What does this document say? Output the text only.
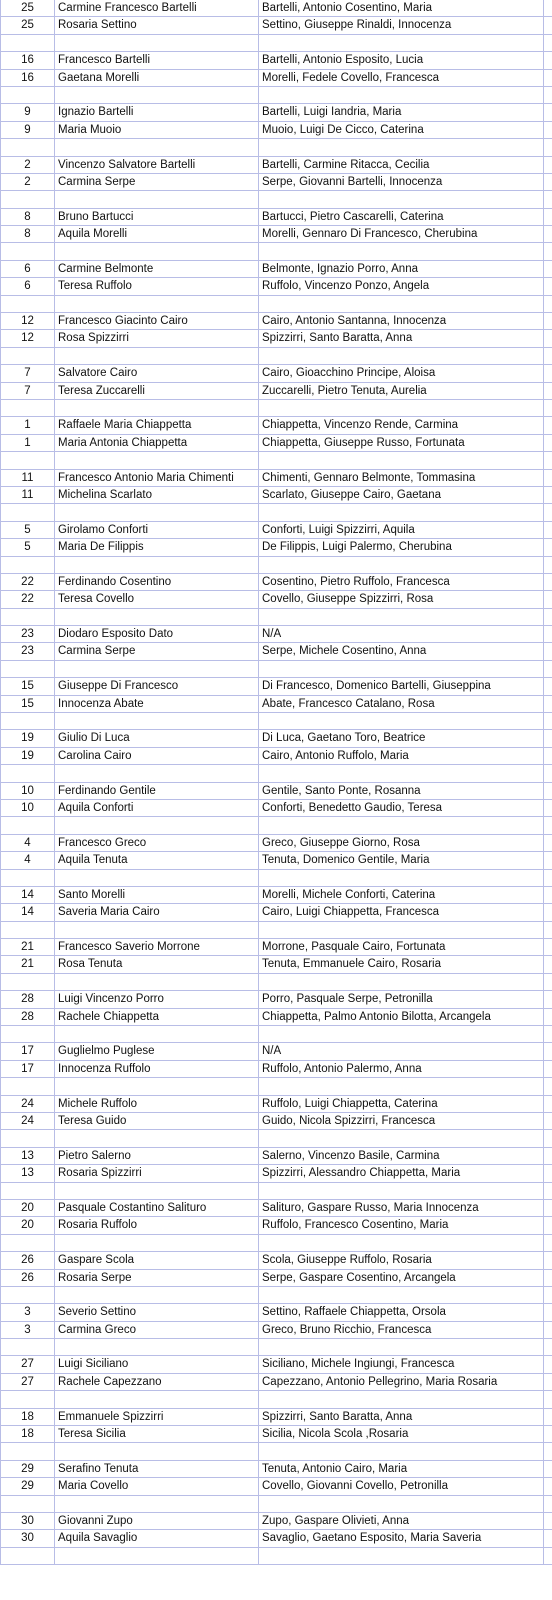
25	Carmine Francesco Bartelli	Bartelli, Antonio Cosentino, Maria
25	Rosaria Settino	Settino, Giuseppe Rinaldi, Innocenza
16	Francesco Bartelli	Bartelli, Antonio Esposito, Lucia
16	Gaetana Morelli	Morelli, Fedele Covello, Francesca
9	Ignazio Bartelli	Bartelli, Luigi Iandria, Maria
9	Maria Muoio	Muoio, Luigi De Cicco, Caterina
2	Vincenzo Salvatore Bartelli	Bartelli, Carmine Ritacca, Cecilia
2	Carmina Serpe	Serpe, Giovanni Bartelli, Innocenza
8	Bruno Bartucci	Bartucci, Pietro Cascarelli, Caterina
8	Aquila Morelli	Morelli, Gennaro Di Francesco, Cherubina
6	Carmine Belmonte	Belmonte, Ignazio Porro, Anna
6	Teresa Ruffolo	Ruffolo, Vincenzo Ponzo, Angela
12	Francesco Giacinto Cairo	Cairo, Antonio Santanna, Innocenza
12	Rosa Spizzirri	Spizzirri, Santo Baratta, Anna
7	Salvatore Cairo	Cairo, Gioacchino Principe, Aloisa
7	Teresa Zuccarelli	Zuccarelli, Pietro Tenuta, Aurelia
1	Raffaele Maria Chiappetta	Chiappetta, Vincenzo Rende, Carmina
1	Maria Antonia Chiappetta	Chiappetta, Giuseppe Russo, Fortunata
11	Francesco Antonio Maria Chimenti	Chimenti, Gennaro Belmonte, Tommasina
11	Michelina Scarlato	Scarlato, Giuseppe Cairo, Gaetana
5	Girolamo Conforti	Conforti, Luigi Spizzirri, Aquila
5	Maria De Filippis	De Filippis, Luigi Palermo, Cherubina
22	Ferdinando Cosentino	Cosentino, Pietro Ruffolo, Francesca
22	Teresa Covello	Covello, Giuseppe Spizzirri, Rosa
23	Diodaro Esposito Dato	N/A
23	Carmina Serpe	Serpe, Michele Cosentino, Anna
15	Giuseppe Di Francesco	Di Francesco, Domenico Bartelli, Giuseppina
15	Innocenza Abate	Abate, Francesco Catalano, Rosa
19	Giulio Di Luca	Di Luca, Gaetano Toro, Beatrice
19	Carolina Cairo	Cairo, Antonio Ruffolo, Maria
10	Ferdinando Gentile	Gentile, Santo Ponte, Rosanna
10	Aquila Conforti	Conforti, Benedetto Gaudio, Teresa
4	Francesco Greco	Greco, Giuseppe Giorno, Rosa
4	Aquila Tenuta	Tenuta, Domenico Gentile, Maria
14	Santo Morelli	Morelli, Michele Conforti, Caterina
14	Saveria Maria Cairo	Cairo, Luigi Chiappetta, Francesca
21	Francesco Saverio Morrone	Morrone, Pasquale Cairo, Fortunata
21	Rosa Tenuta	Tenuta, Emmanuele Cairo, Rosaria
28	Luigi Vincenzo Porro	Porro, Pasquale Serpe, Petronilla
28	Rachele Chiappetta	Chiappetta, Palmo Antonio Bilotta, Arcangela
17	Guglielmo Puglese	N/A
17	Innocenza Ruffolo	Ruffolo, Antonio Palermo, Anna
24	Michele Ruffolo	Ruffolo, Luigi Chiappetta, Caterina
24	Teresa Guido	Guido, Nicola Spizzirri, Francesca
13	Pietro Salerno	Salerno, Vincenzo Basile, Carmina
13	Rosaria Spizzirri	Spizzirri, Alessandro Chiappetta, Maria
20	Pasquale Costantino Salituro	Salituro, Gaspare Russo, Maria Innocenza
20	Rosaria Ruffolo	Ruffolo, Francesco Cosentino, Maria
26	Gaspare Scola	Scola, Giuseppe Ruffolo, Rosaria
26	Rosaria Serpe	Serpe, Gaspare Cosentino, Arcangela
3	Severio Settino	Settino, Raffaele Chiappetta, Orsola
3	Carmina Greco	Greco, Bruno Ricchio, Francesca
27	Luigi Siciliano	Siciliano, Michele Ingiungi, Francesca
27	Rachele Capezzano	Capezzano, Antonio Pellegrino, Maria Rosaria
18	Emmanuele Spizzirri	Spizzirri, Santo Baratta, Anna
18	Teresa Sicilia	Sicilia, Nicola Scola ,Rosaria
29	Serafino Tenuta	Tenuta, Antonio Cairo, Maria
29	Maria Covello	Covello, Giovanni Covello, Petronilla
30	Giovanni Zupo	Zupo, Gaspare Olivieti, Anna
30	Aquila Savaglio	Savaglio, Gaetano Esposito, Maria Saveria
